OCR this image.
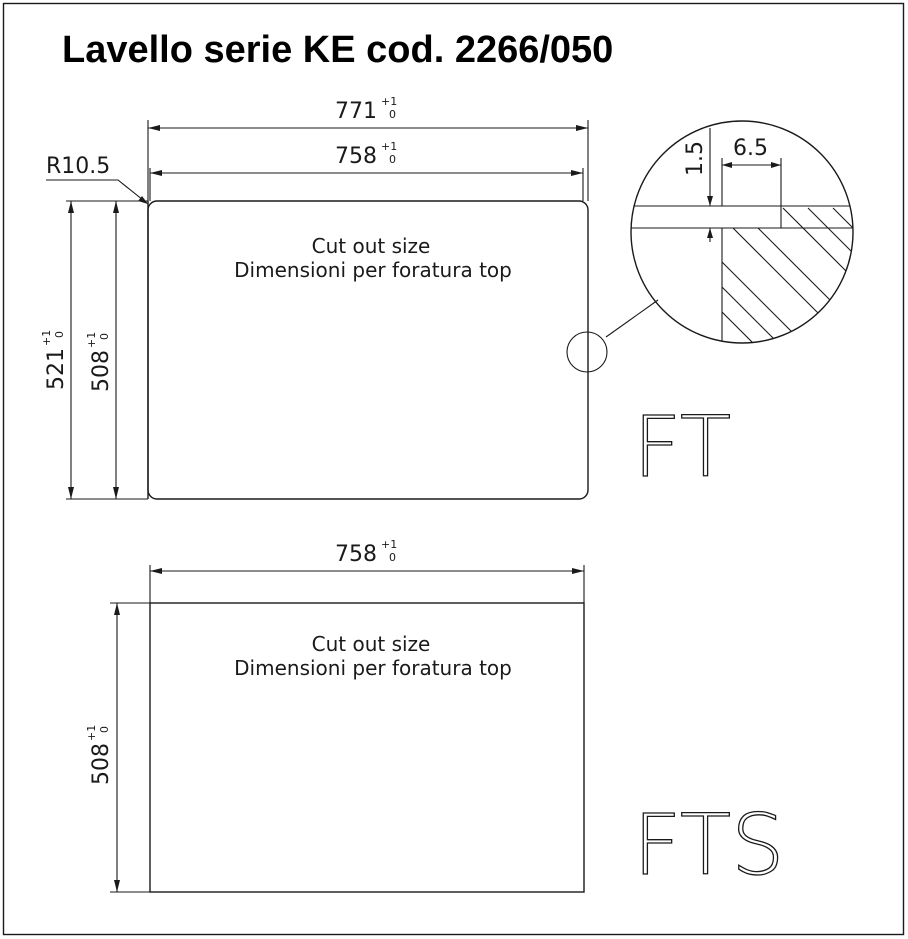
Lavello serie KE cod. 2266/050
771 +1
0
758 +1
0
R10.5
521
+1 0
508
+1 0
Cut out size
Dimensioni per foratura top
FT
1.5 6.5
758 +1
0
508
+1 0
Cut out size
Dimensioni per foratura top
FTS
